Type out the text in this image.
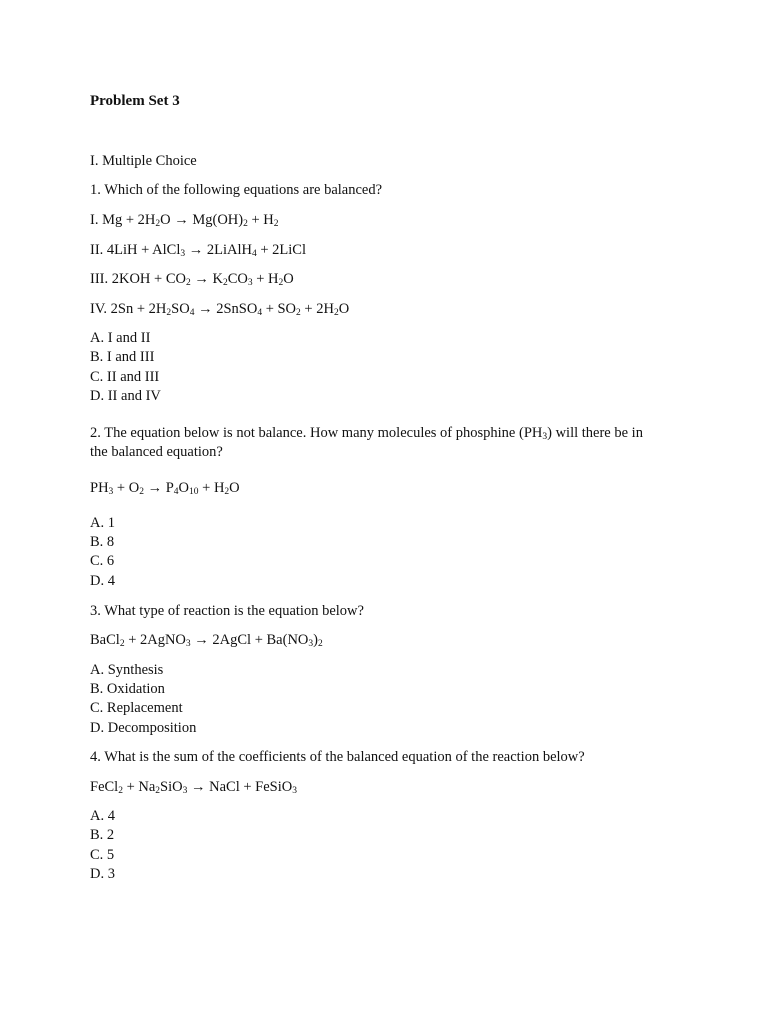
Problem Set 3
I. Multiple Choice
1. Which of the following equations are balanced?
I. $Mg + 2H_2O \to Mg(OH)_2 + H_2$
II. 4LiH + AlCl$_3$ → 2LiAlH$_4$ + 2LiCl
III. $2KOH + CO_2 \to K_2CO_3 + H_2O$
IV. $2Sn + 2H_2SO_4$ → 2SnSO$_4$ + $SO_2 + 2H_2O$
A. I and II
B. I and III
C. II and III
D. II and IV
2. The equation below is not balance. How many molecules of phosphine $(PH_3)$ will there be in
the balanced equation?
$PH_3 + O_2 \to P_4O_{10} + H_2O$
A. 1
B. 8
C. 6
D. 4
3. What type of reaction is the equation below?
BaCl$_2$ + 2AgNO$_3$ → 2AgCl + $Ba(NO_3)_2$
A. Synthesis
B. Oxidation
C. Replacement
D. Decomposition
4. What is the sum of the coefficients of the balanced equation of the reaction below?
FeCl$_2$ + $Na_2SiO_3$ → NaCl + FeSiO$_3$
A. 4
B. 2
C. 5
D. 3
